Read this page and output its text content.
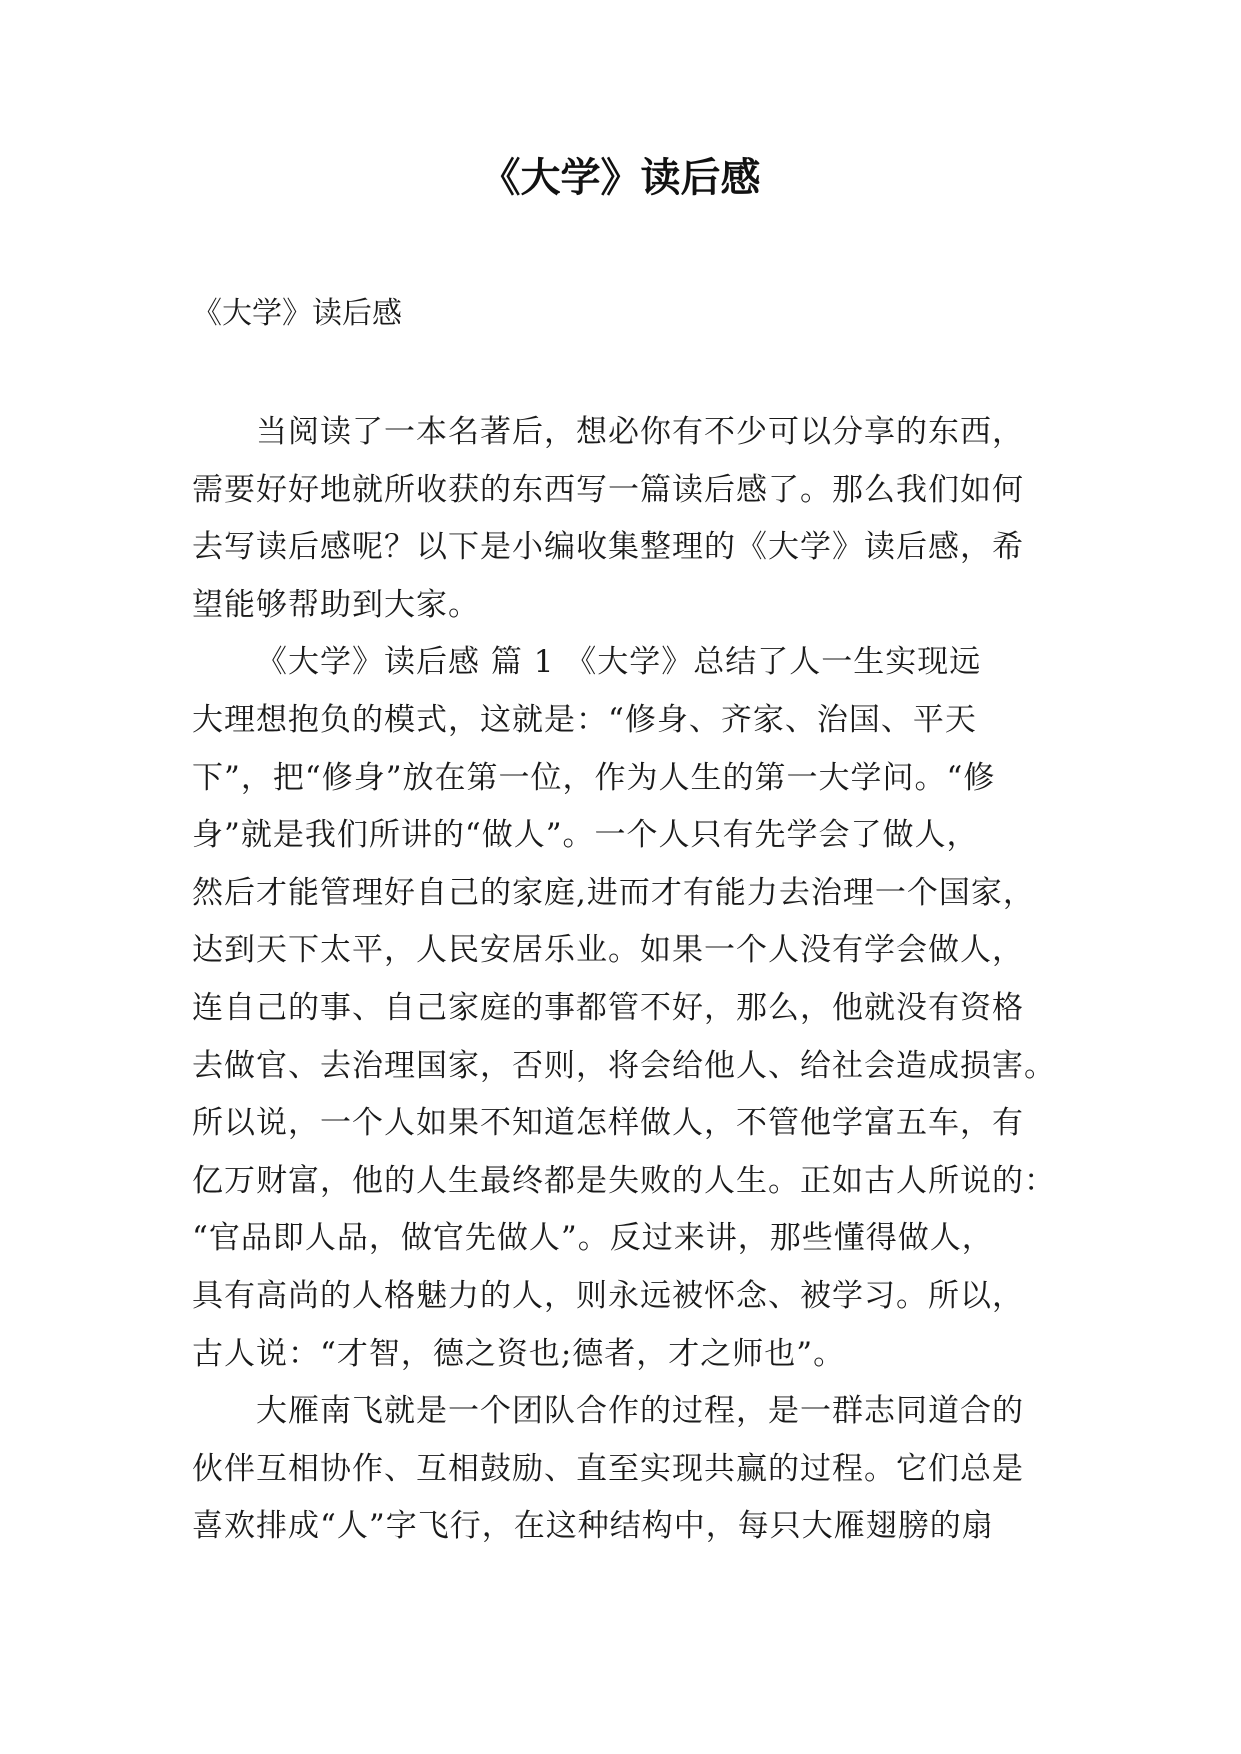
《大学》读后感

《大学》读后感

当阅读了一本名著后，想必你有不少可以分享的东西，
需要好好地就所收获的东西写一篇读后感了。那么我们如何
去写读后感呢？以下是小编收集整理的《大学》读后感，希
望能够帮助到大家。
《大学》读后感 篇 1 《大学》总结了人一生实现远
大理想抱负的模式，这就是：“修身、齐家、治国、平天
下”，把“修身”放在第一位，作为人生的第一大学问。“修
身”就是我们所讲的“做人”。一个人只有先学会了做人，
然后才能管理好自己的家庭,进而才有能力去治理一个国家，
达到天下太平，人民安居乐业。如果一个人没有学会做人，
连自己的事、自己家庭的事都管不好，那么，他就没有资格
去做官、去治理国家，否则，将会给他人、给社会造成损害。
所以说，一个人如果不知道怎样做人，不管他学富五车，有
亿万财富，他的人生最终都是失败的人生。正如古人所说的：
“官品即人品，做官先做人”。反过来讲，那些懂得做人，
具有高尚的人格魅力的人，则永远被怀念、被学习。所以，
古人说：“才智，德之资也;德者，才之师也”。
大雁南飞就是一个团队合作的过程，是一群志同道合的
伙伴互相协作、互相鼓励、直至实现共赢的过程。它们总是
喜欢排成“人”字飞行，在这种结构中，每只大雁翅膀的扇
